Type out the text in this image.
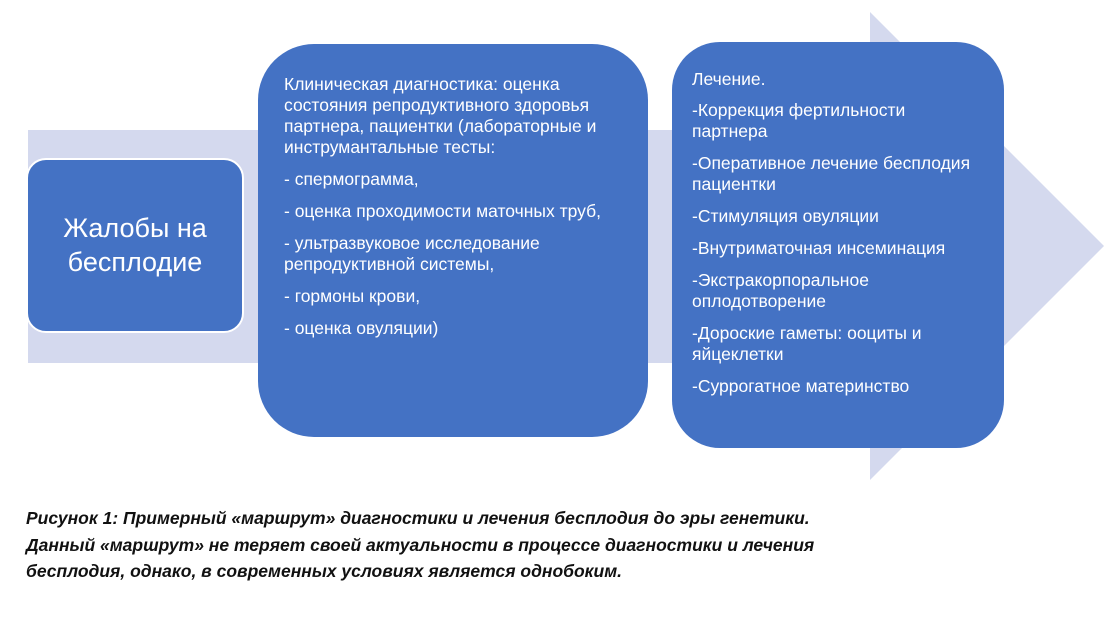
Жалобы на бесплодие

Клиническая диагностика: оценка состояния репродуктивного здоровья партнера, пациентки (лабораторные и инструмантальные тесты:

- спермограмма,

- оценка проходимости маточных труб,

- ультразвуковое исследование репродуктивной системы,

- гормоны крови,

- оценка овуляции)

Лечение.

-Коррекция фертильности партнера

-Оперативное лечение бесплодия пациентки

-Стимуляция овуляции

-Внутриматочная инсеминация

-Экстракорпоральное оплодотворение

-Дороские гаметы: ооциты и яйцеклетки

-Суррогатное материнство

Рисунок 1: Примерный «маршрут» диагностики и лечения бесплодия до эры генетики.

Данный «маршрут» не теряет своей актуальности в процессе диагностики и лечения

бесплодия, однако, в современных условиях является однобоким.
